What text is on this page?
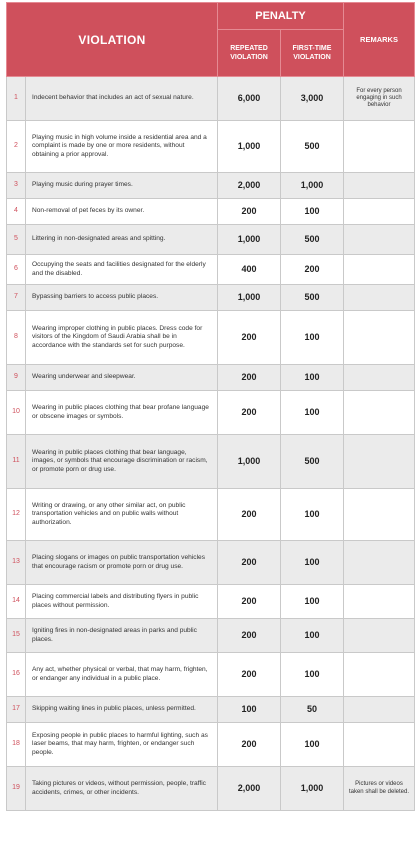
VIOLATION		PENALTY		REMARKS
		REPEATED VIOLATION	FIRST-TIME VIOLATION	
1	Indecent behavior that includes an act of sexual nature.	6,000	3,000	For every person engaging in such behavior
2	Playing music in high volume inside a residential area and a complaint is made by one or more residents, without obtaining a prior approval.	1,000	500	
3	Playing music during prayer times.	2,000	1,000	
4	Non-removal of pet feces by its owner.	200	100	
5	Littering in non-designated areas and spitting.	1,000	500	
6	Occupying the seats and facilities designated for the elderly and the disabled.	400	200	
7	Bypassing barriers to access public places.	1,000	500	
8	Wearing improper clothing in public places. Dress code for visitors of the Kingdom of Saudi Arabia shall be in accordance with the standards set for such purpose.	200	100	
9	Wearing underwear and sleepwear.	200	100	
10	Wearing in public places clothing that bear profane language or obscene images or symbols.	200	100	
11	Wearing in public places clothing that bear language, images, or symbols that encourage discrimination or racism, or promote porn or drug use.	1,000	500	
12	Writing or drawing, or any other similar act, on public transportation vehicles and on public walls without authorization.	200	100	
13	Placing slogans or images on public transportation vehicles that encourage racism or promote porn or drug use.	200	100	
14	Placing commercial labels and distributing flyers in public places without permission.	200	100	
15	Igniting fires in non-designated areas in parks and public places.	200	100	
16	Any act, whether physical or verbal, that may harm, frighten, or endanger any individual in a public place.	200	100	
17	Skipping waiting lines in public places, unless permitted.	100	50	
18	Exposing people in public places to harmful lighting, such as laser beams, that may harm, frighten, or endanger such people.	200	100	
19	Taking pictures or videos, without permission, people, traffic accidents, crimes, or other incidents.	2,000	1,000	Pictures or videos taken shall be deleted.
